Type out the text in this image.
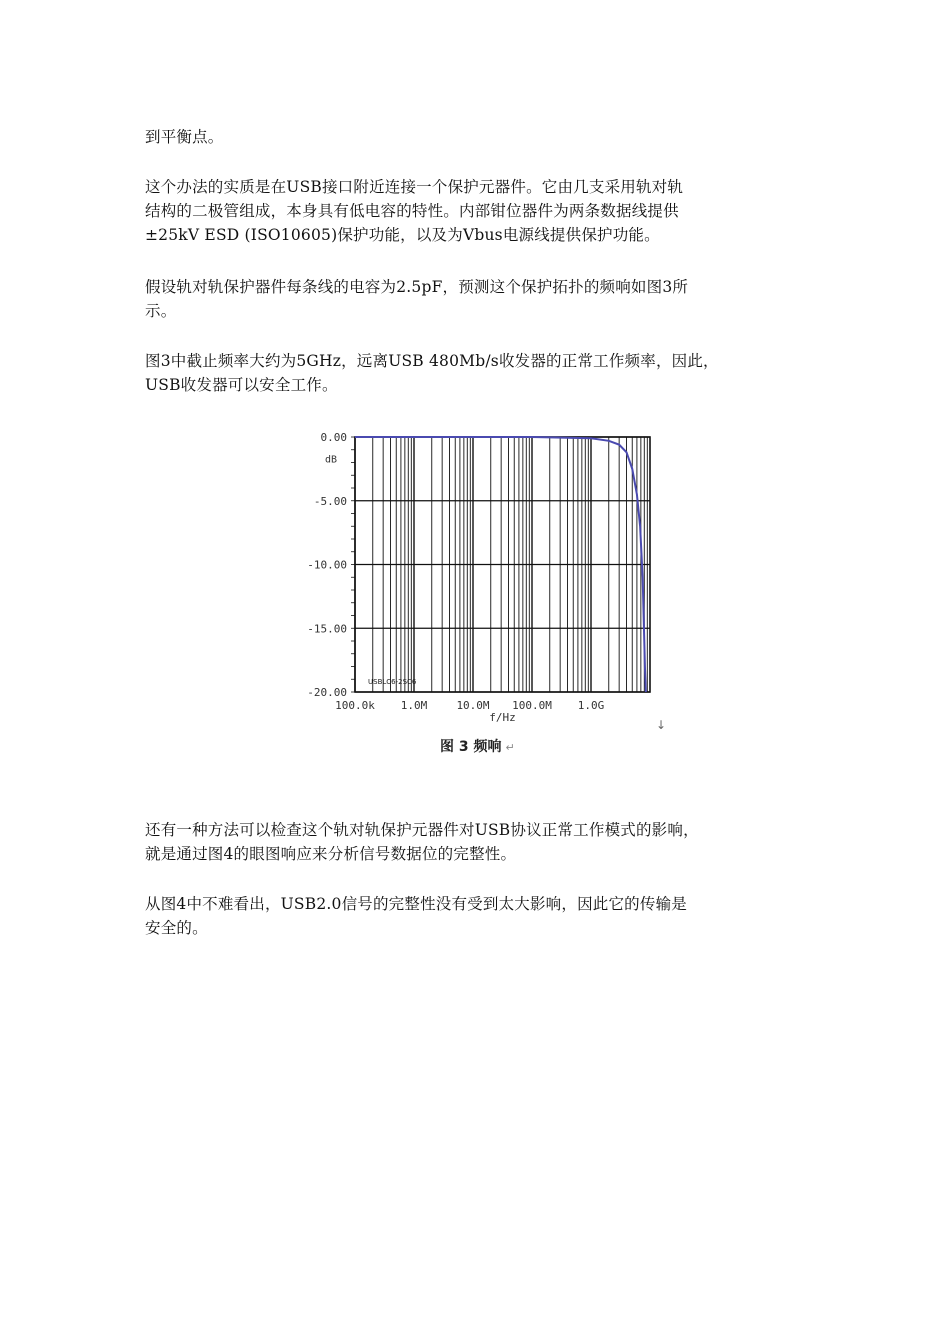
到平衡点。

这个办法的实质是在USB接口附近连接一个保护元器件。它由几支采用轨对轨
结构的二极管组成，本身具有低电容的特性。内部钳位器件为两条数据线提供
±25kV ESD (ISO10605)保护功能，以及为Vbus电源线提供保护功能。

假设轨对轨保护器件每条线的电容为2.5pF，预测这个保护拓扑的频响如图3所
示。

图3中截止频率大约为5GHz，远离USB 480Mb/s收发器的正常工作频率，因此，
USB收发器可以安全工作。

0.00
-5.00
-10.00
-15.00
-20.00
dB
100.0k 1.0M	10.0M 100.0M 1.0G
f/Hz
USBLC6-2SC6
↓
图 3 频响 ↵

还有一种方法可以检查这个轨对轨保护元器件对USB协议正常工作模式的影响，
就是通过图4的眼图响应来分析信号数据位的完整性。

从图4中不难看出，USB2.0信号的完整性没有受到太大影响，因此它的传输是
安全的。
